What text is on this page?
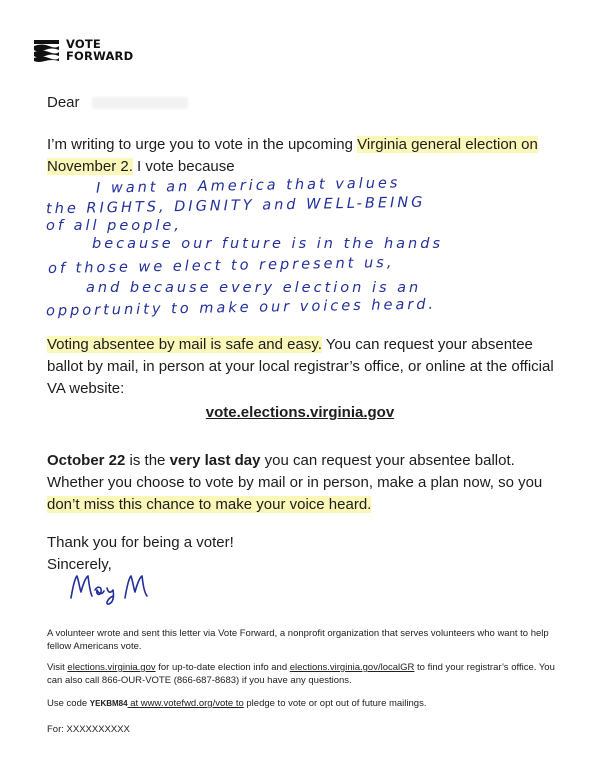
VOTE
FORWARD
Dear
I’m writing to urge you to vote in the upcoming Virginia general election on November 2. I vote because
I want an America that values
the RIGHTS, DIGNITY and WELL-BEING
of all people,
because our future is in the hands
of those we elect to represent us,
and because every election is an
opportunity to make our voices heard.
Voting absentee by mail is safe and easy. You can request your absentee ballot by mail, in person at your local registrar’s office, or online at the official VA website:
vote.elections.virginia.gov
October 22 is the very last day you can request your absentee ballot. Whether you choose to vote by mail or in person, make a plan now, so you don’t miss this chance to make your voice heard.
Thank you for being a voter!
Sincerely,
A volunteer wrote and sent this letter via Vote Forward, a nonprofit organization that serves volunteers who want to help fellow Americans vote.
Visit elections.virginia.gov for up-to-date election info and elections.virginia.gov/localGR to find your registrar’s office. You can also call 866-OUR-VOTE (866-687-8683) if you have any questions.
Use code YEKBM84 at www.votefwd.org/vote to pledge to vote or opt out of future mailings.
For: XXXXXXXXXX
